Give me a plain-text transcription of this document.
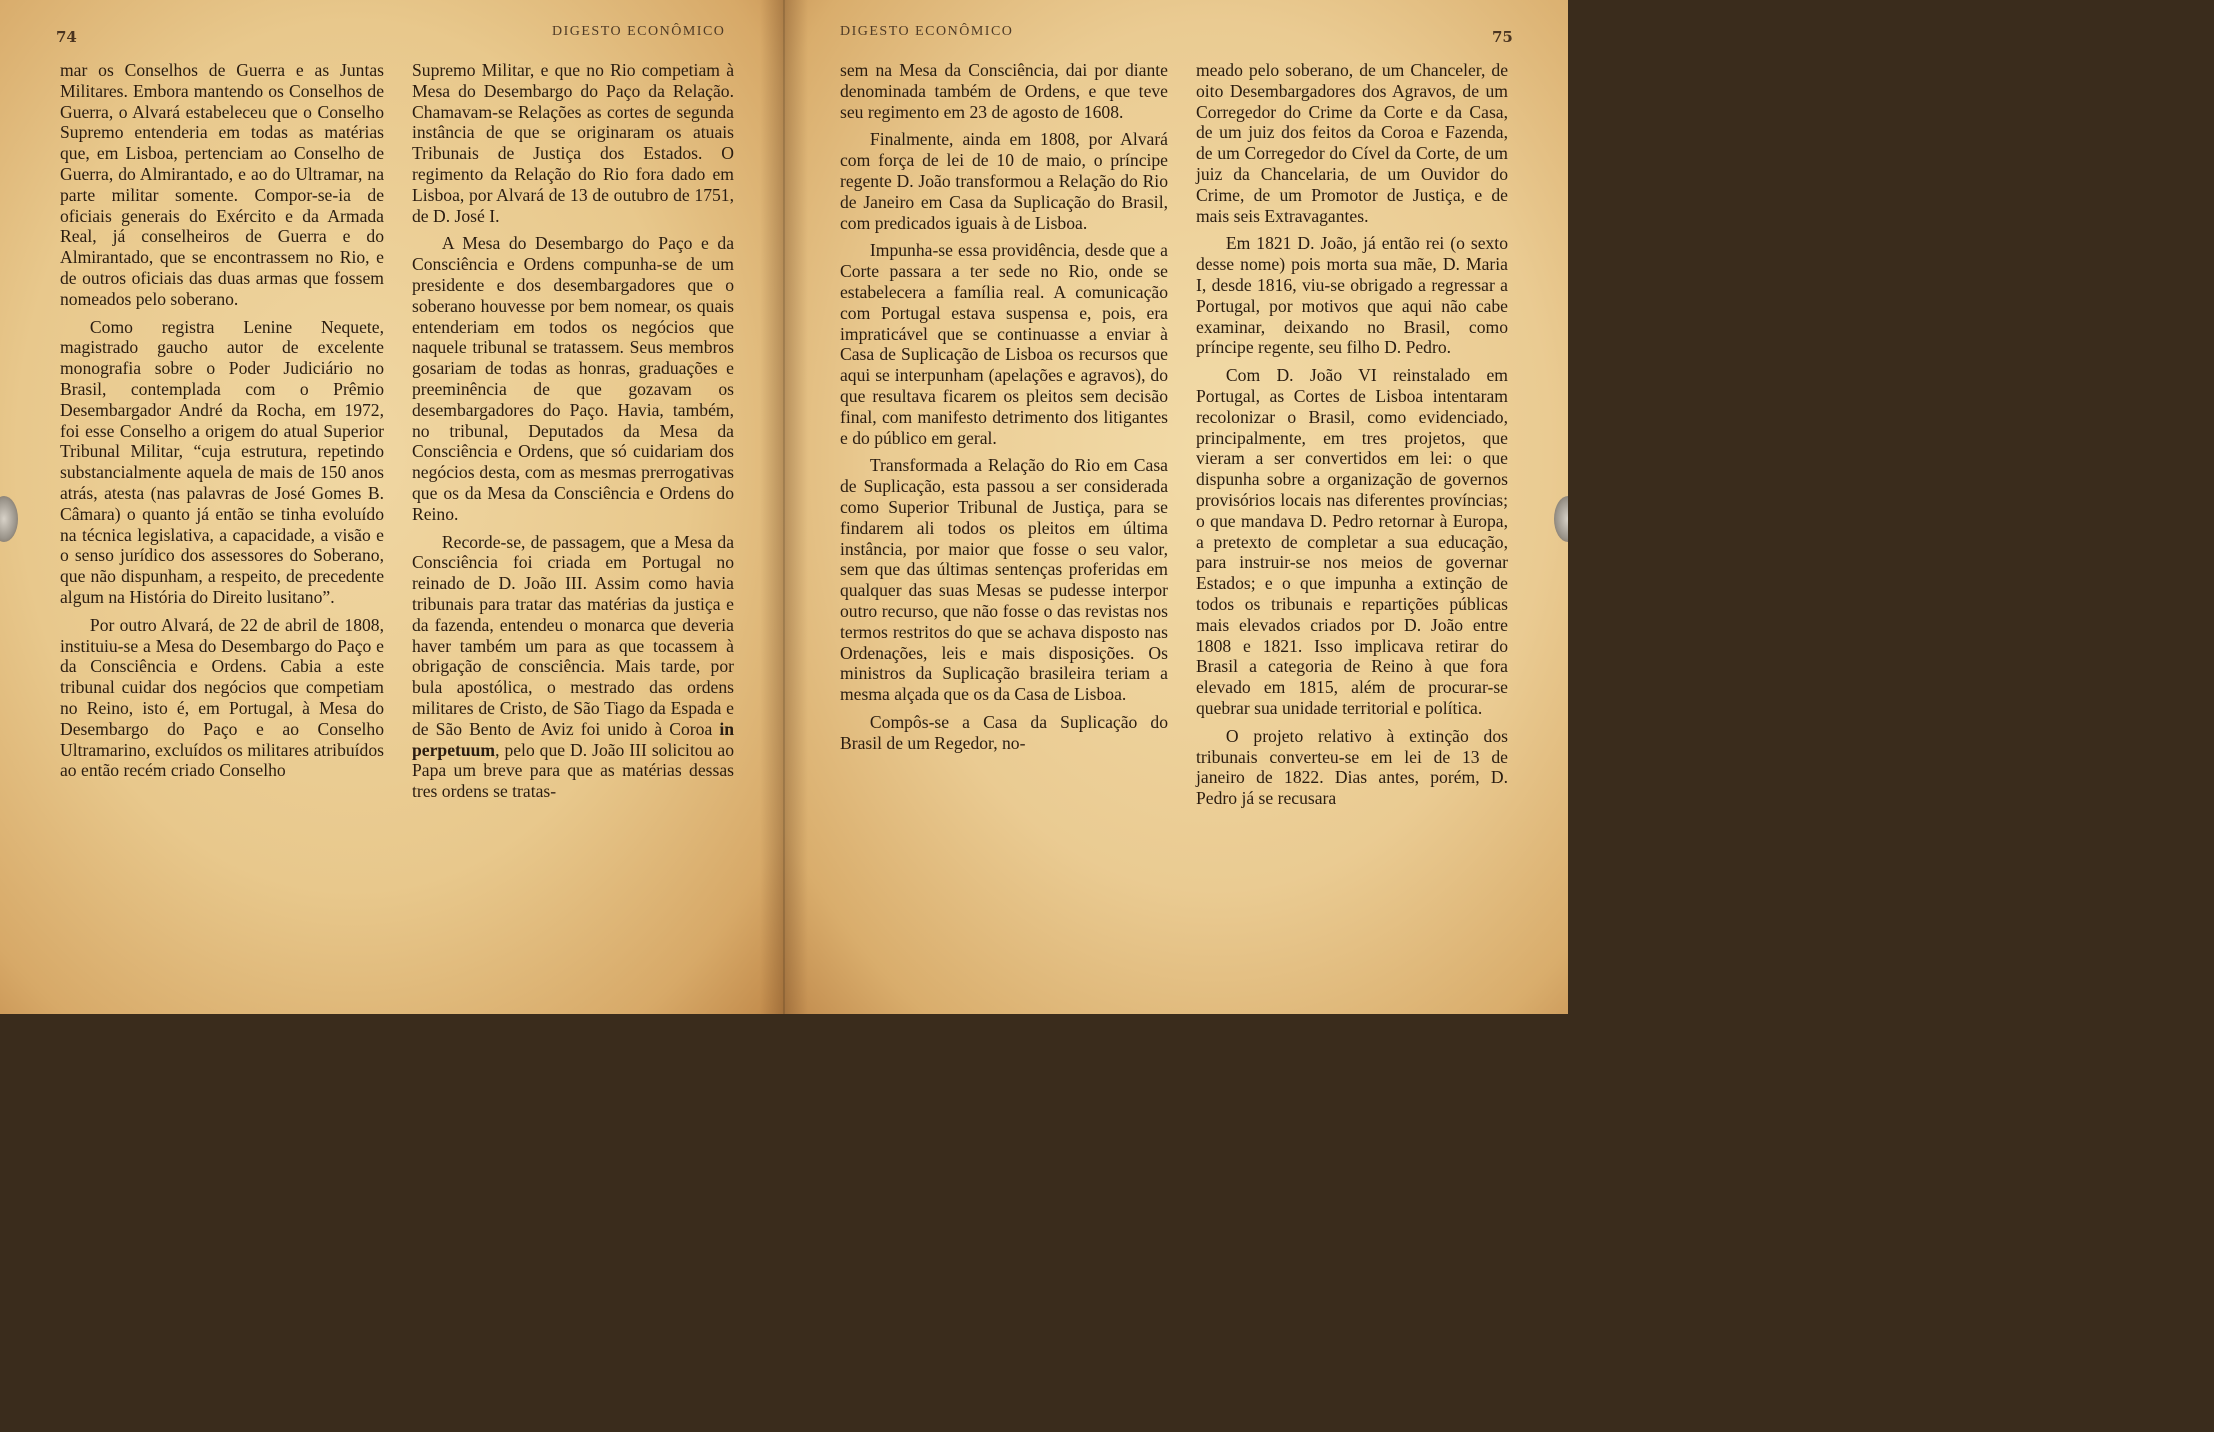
74	DIGESTO ECONÔMICO

mar os Conselhos de Guerra e as Juntas Militares. Embora mantendo os Conselhos de Guerra, o Alvará estabeleceu que o Conselho Supremo entenderia em todas as matérias que, em Lisboa, pertenciam ao Conselho de Guerra, do Almirantado, e ao do Ultramar, na parte militar somente. Compor-se-ia de oficiais generais do Exército e da Armada Real, já conselheiros de Guerra e do Almirantado, que se encontrassem no Rio, e de outros oficiais das duas armas que fossem nomeados pelo soberano.

Como registra Lenine Nequete, magistrado gaucho autor de excelente monografia sobre o Poder Judiciário no Brasil, contemplada com o Prêmio Desembargador André da Rocha, em 1972, foi esse Conselho a origem do atual Superior Tribunal Militar, “cuja estrutura, repetindo substancialmente aquela de mais de 150 anos atrás, atesta (nas palavras de José Gomes B. Câmara) o quanto já então se tinha evoluído na técnica legislativa, a capacidade, a visão e o senso jurídico dos assessores do Soberano, que não dispunham, a respeito, de precedente algum na História do Direito lusitano”.

Por outro Alvará, de 22 de abril de 1808, instituiu-se a Mesa do Desembargo do Paço e da Consciência e Ordens. Cabia a este tribunal cuidar dos negócios que competiam no Reino, isto é, em Portugal, à Mesa do Desembargo do Paço e ao Conselho Ultramarino, excluídos os militares atribuídos ao então recém criado Conselho

Supremo Militar, e que no Rio competiam à Mesa do Desembargo do Paço da Relação. Chamavam-se Relações as cortes de segunda instância de que se originaram os atuais Tribunais de Justiça dos Estados. O regimento da Relação do Rio fora dado em Lisboa, por Alvará de 13 de outubro de 1751, de D. José I.

A Mesa do Desembargo do Paço e da Consciência e Ordens compunha-se de um presidente e dos desembargadores que o soberano houvesse por bem nomear, os quais entenderiam em todos os negócios que naquele tribunal se tratassem. Seus membros gosariam de todas as honras, graduações e preeminência de que gozavam os desembargadores do Paço. Havia, também, no tribunal, Deputados da Mesa da Consciência e Ordens, que só cuidariam dos negócios desta, com as mesmas prerrogativas que os da Mesa da Consciência e Ordens do Reino.

Recorde-se, de passagem, que a Mesa da Consciência foi criada em Portugal no reinado de D. João III. Assim como havia tribunais para tratar das matérias da justiça e da fazenda, entendeu o monarca que deveria haver também um para as que tocassem à obrigação de consciência. Mais tarde, por bula apostólica, o mestrado das ordens militares de Cristo, de São Tiago da Espada e de São Bento de Aviz foi unido à Coroa in perpetuum, pelo que D. João III solicitou ao Papa um breve para que as matérias dessas tres ordens se tratas-

DIGESTO ECONÔMICO	75

sem na Mesa da Consciência, dai por diante denominada também de Ordens, e que teve seu regimento em 23 de agosto de 1608.

Finalmente, ainda em 1808, por Alvará com força de lei de 10 de maio, o príncipe regente D. João transformou a Relação do Rio de Janeiro em Casa da Suplicação do Brasil, com predicados iguais à de Lisboa.

Impunha-se essa providência, desde que a Corte passara a ter sede no Rio, onde se estabelecera a família real. A comunicação com Portugal estava suspensa e, pois, era impraticável que se continuasse a enviar à Casa de Suplicação de Lisboa os recursos que aqui se interpunham (apelações e agravos), do que resultava ficarem os pleitos sem decisão final, com manifesto detrimento dos litigantes e do público em geral.

Transformada a Relação do Rio em Casa de Suplicação, esta passou a ser considerada como Superior Tribunal de Justiça, para se findarem ali todos os pleitos em última instância, por maior que fosse o seu valor, sem que das últimas sentenças proferidas em qualquer das suas Mesas se pudesse interpor outro recurso, que não fosse o das revistas nos termos restritos do que se achava disposto nas Ordenações, leis e mais disposições. Os ministros da Suplicação brasileira teriam a mesma alçada que os da Casa de Lisboa.

Compôs-se a Casa da Suplicação do Brasil de um Regedor, no-

meado pelo soberano, de um Chanceler, de oito Desembargadores dos Agravos, de um Corregedor do Crime da Corte e da Casa, de um juiz dos feitos da Coroa e Fazenda, de um Corregedor do Cível da Corte, de um juiz da Chancelaria, de um Ouvidor do Crime, de um Promotor de Justiça, e de mais seis Extravagantes.

Em 1821 D. João, já então rei (o sexto desse nome) pois morta sua mãe, D. Maria I, desde 1816, viu-se obrigado a regressar a Portugal, por motivos que aqui não cabe examinar, deixando no Brasil, como príncipe regente, seu filho D. Pedro.

Com D. João VI reinstalado em Portugal, as Cortes de Lisboa intentaram recolonizar o Brasil, como evidenciado, principalmente, em tres projetos, que vieram a ser convertidos em lei: o que dispunha sobre a organização de governos provisórios locais nas diferentes províncias; o que mandava D. Pedro retornar à Europa, a pretexto de completar a sua educação, para instruir-se nos meios de governar Estados; e o que impunha a extinção de todos os tribunais e repartições públicas mais elevados criados por D. João entre 1808 e 1821. Isso implicava retirar do Brasil a categoria de Reino à que fora elevado em 1815, além de procurar-se quebrar sua unidade territorial e política.

O projeto relativo à extinção dos tribunais converteu-se em lei de 13 de janeiro de 1822. Dias antes, porém, D. Pedro já se recusara
